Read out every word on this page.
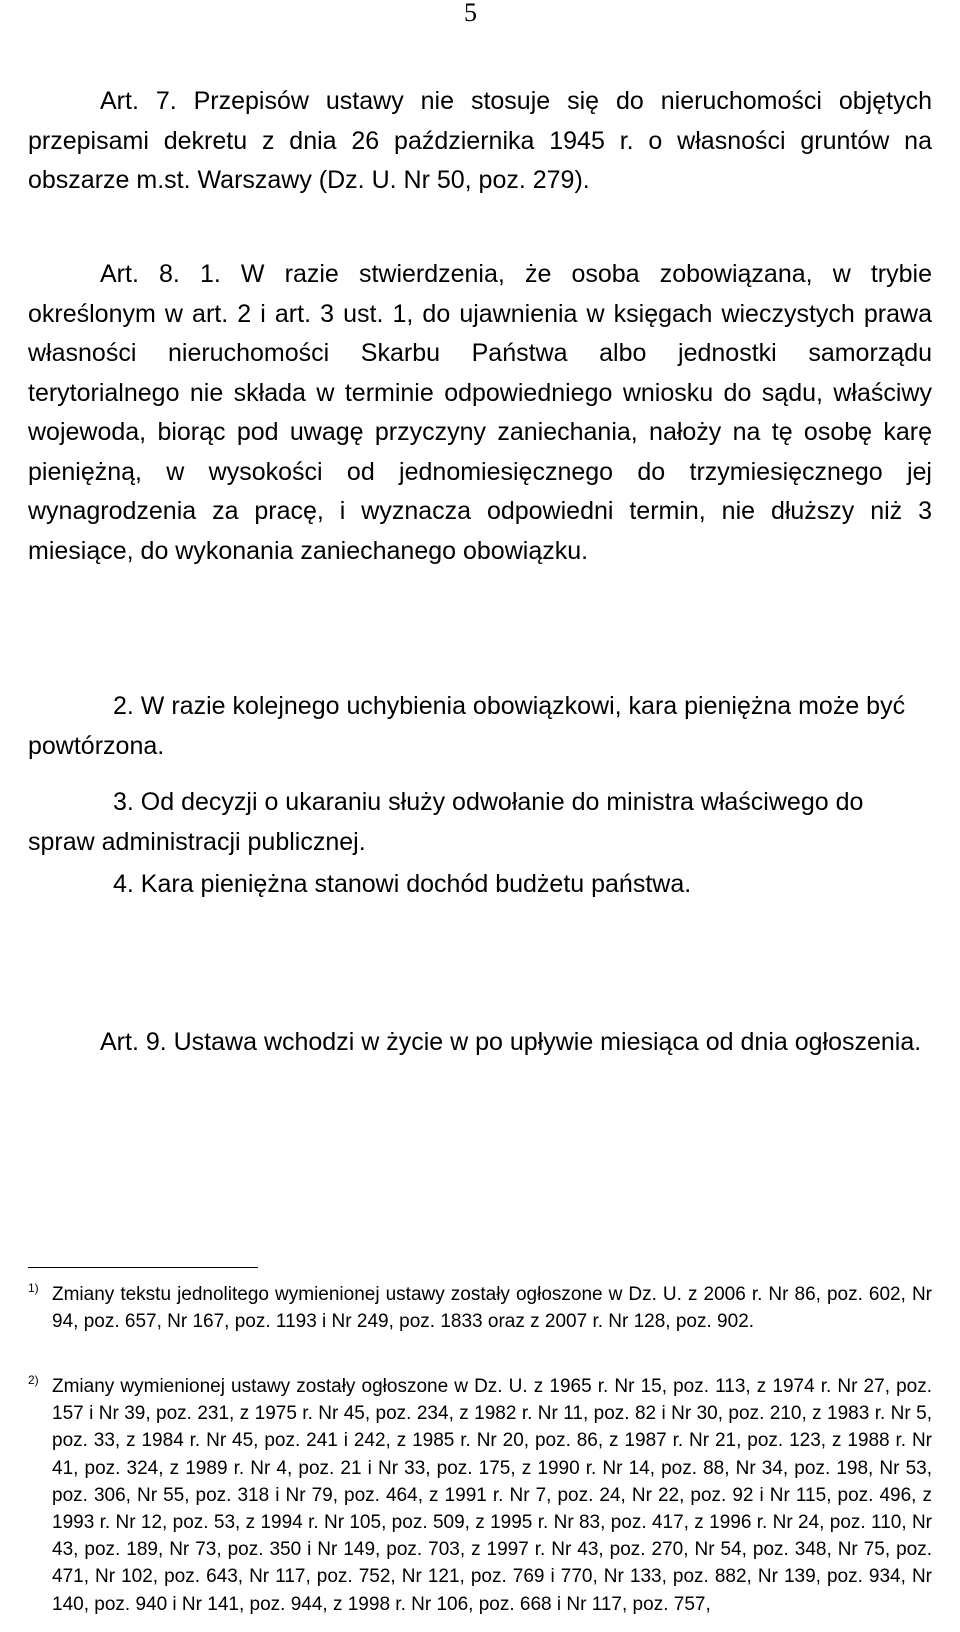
5

Art. 7. Przepisów ustawy nie stosuje się do nieruchomości objętych przepisami dekretu z dnia 26 października 1945 r. o własności gruntów na obszarze m.st. Warszawy (Dz. U. Nr 50, poz. 279).

Art. 8. 1. W razie stwierdzenia, że osoba zobowiązana, w trybie określonym w art. 2 i art. 3 ust. 1, do ujawnienia w księgach wieczystych prawa własności nieruchomości Skarbu Państwa albo jednostki samorządu terytorialnego nie składa w terminie odpowiedniego wniosku do sądu, właściwy wojewoda, biorąc pod uwagę przyczyny zaniechania, nałoży na tę osobę karę pieniężną, w wysokości od jednomiesięcznego do trzymiesięcznego jej wynagrodzenia za pracę, i wyznacza odpowiedni termin, nie dłuższy niż 3 miesiące, do wykonania zaniechanego obowiązku.

2. W razie kolejnego uchybienia obowiązkowi, kara pieniężna może być powtórzona.

3. Od decyzji o ukaraniu służy odwołanie do ministra właściwego do spraw administracji publicznej.

4. Kara pieniężna stanowi dochód budżetu państwa.

Art. 9. Ustawa wchodzi w życie w po upływie miesiąca od dnia ogłoszenia.

1) Zmiany tekstu jednolitego wymienionej ustawy zostały ogłoszone w Dz. U. z 2006 r. Nr 86, poz. 602, Nr 94, poz. 657, Nr 167, poz. 1193 i Nr 249, poz. 1833 oraz z 2007 r. Nr 128, poz. 902.

2) Zmiany wymienionej ustawy zostały ogłoszone w Dz. U. z 1965 r. Nr 15, poz. 113, z 1974 r. Nr 27, poz. 157 i Nr 39, poz. 231, z 1975 r. Nr 45, poz. 234, z 1982 r. Nr 11, poz. 82 i Nr 30, poz. 210, z 1983 r. Nr 5, poz. 33, z 1984 r. Nr 45, poz. 241 i 242, z 1985 r. Nr 20, poz. 86, z 1987 r. Nr 21, poz. 123, z 1988 r. Nr 41, poz. 324, z 1989 r. Nr 4, poz. 21 i Nr 33, poz. 175, z 1990 r. Nr 14, poz. 88, Nr 34, poz. 198, Nr 53, poz. 306, Nr 55, poz. 318 i Nr 79, poz. 464, z 1991 r. Nr 7, poz. 24, Nr 22, poz. 92 i Nr 115, poz. 496, z 1993 r. Nr 12, poz. 53, z 1994 r. Nr 105, poz. 509, z 1995 r. Nr 83, poz. 417, z 1996 r. Nr 24, poz. 110, Nr 43, poz. 189, Nr 73, poz. 350 i Nr 149, poz. 703, z 1997 r. Nr 43, poz. 270, Nr 54, poz. 348, Nr 75, poz. 471, Nr 102, poz. 643, Nr 117, poz. 752, Nr 121, poz. 769 i 770, Nr 133, poz. 882, Nr 139, poz. 934, Nr 140, poz. 940 i Nr 141, poz. 944, z 1998 r. Nr 106, poz. 668 i Nr 117, poz. 757,
